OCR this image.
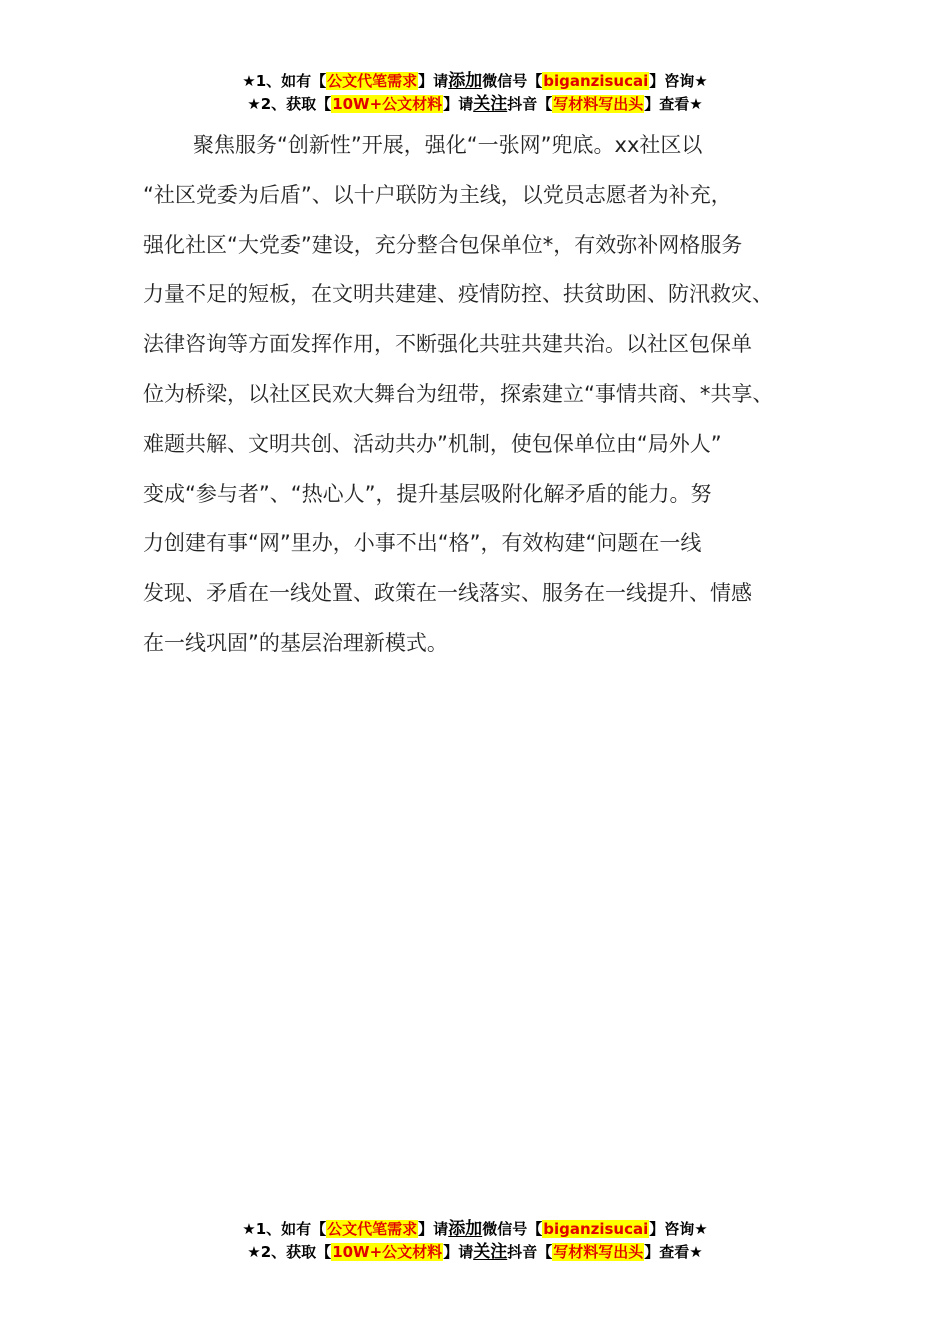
★1、如有【公文代笔需求】请添加微信号【biganzisucai】咨询★
★2、获取【10W+公文材料】请关注抖音【写材料写出头】查看★
聚焦服务“创新性”开展，强化“一张网”兜底。xx社区以
“社区党委为后盾”、以十户联防为主线，以党员志愿者为补充，
强化社区“大党委”建设，充分整合包保单位*，有效弥补网格服务
力量不足的短板，在文明共建建、疫情防控、扶贫助困、防汛救灾、
法律咨询等方面发挥作用，不断强化共驻共建共治。以社区包保单
位为桥梁，以社区民欢大舞台为纽带，探索建立“事情共商、*共享、
难题共解、文明共创、活动共办”机制，使包保单位由“局外人”
变成“参与者”、“热心人”，提升基层吸附化解矛盾的能力。努
力创建有事“网”里办，小事不出“格”，有效构建“问题在一线
发现、矛盾在一线处置、政策在一线落实、服务在一线提升、情感
在一线巩固”的基层治理新模式。
★1、如有【公文代笔需求】请添加微信号【biganzisucai】咨询★
★2、获取【10W+公文材料】请关注抖音【写材料写出头】查看★
